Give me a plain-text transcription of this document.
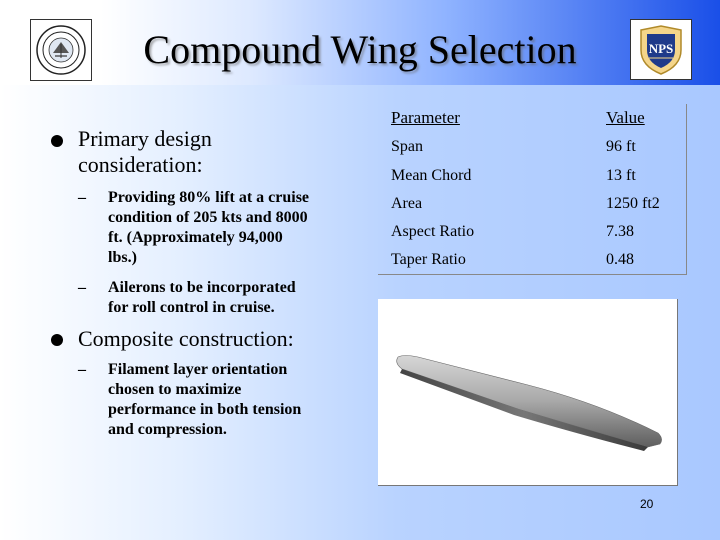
Compound Wing Selection	NPS
Primary design
consideration:
– Providing 80% lift at a cruise
condition of 205 kts and 8000
ft. (Approximately 94,000
lbs.)
– Ailerons to be incorporated
for roll control in cruise.
Composite construction:
– Filament layer orientation
chosen to maximize
performance in both tension
and compression.
Parameter	Value
Span	96 ft
Mean Chord	13 ft
Area	1250 ft2
Aspect Ratio	7.38
Taper Ratio	0.48
20
